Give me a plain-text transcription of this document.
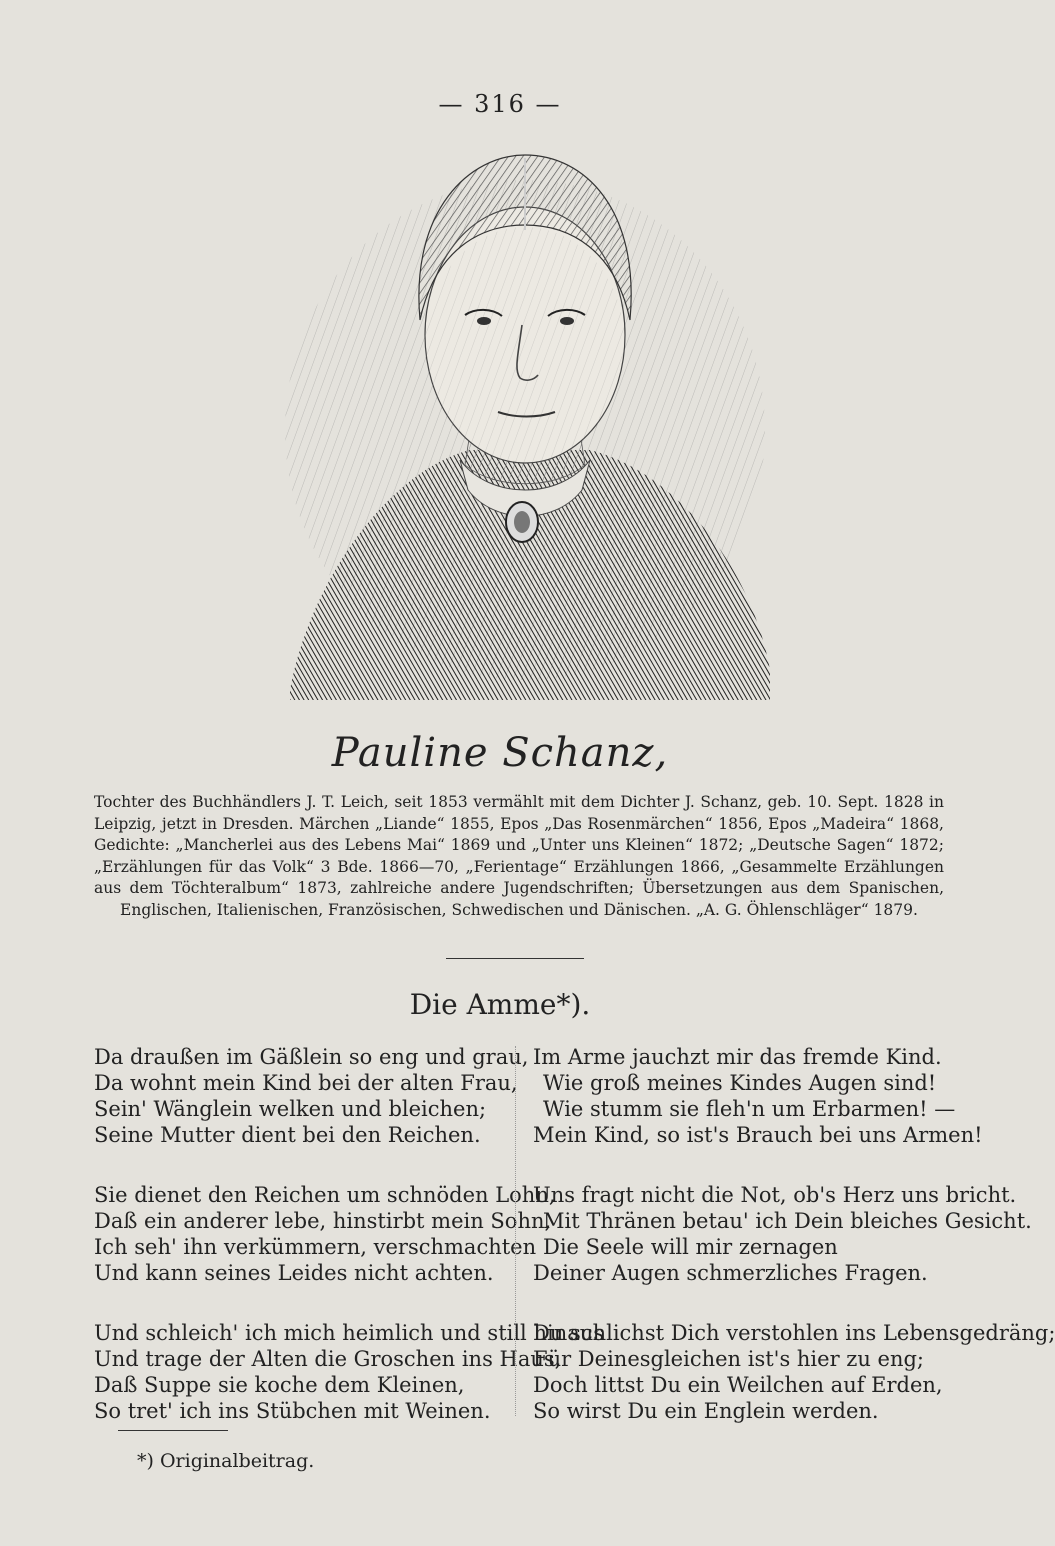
— 316 —
Pauline Schanz,

Tochter des Buchhändlers J. T. Leich, seit 1853 vermählt mit dem Dichter J. Schanz, geb. 10. Sept. 1828 in Leipzig, jetzt in Dresden. Märchen „Liande“ 1855, Epos „Das Rosenmärchen“ 1856, Epos „Madeira“ 1868, Gedichte: „Mancherlei aus des Lebens Mai“ 1869 und „Unter uns Kleinen“ 1872; „Deutsche Sagen“ 1872; „Erzählungen für das Volk“ 3 Bde. 1866—70, „Ferientage“ Erzählungen 1866, „Gesammelte Erzählungen aus dem Töchteralbum“ 1873, zahlreiche andere Jugendschriften; Übersetzungen aus dem Spanischen, Englischen, Italienischen, Französischen, Schwedischen und Dänischen. „A. G. Öhlenschläger“ 1879.

Die Amme*).
Da draußen im Gäßlein so eng und grau,
Da wohnt mein Kind bei der alten Frau,
Sein' Wänglein welken und bleichen;
Seine Mutter dient bei den Reichen.
Sie dienet den Reichen um schnöden Lohn,
Daß ein anderer lebe, hinstirbt mein Sohn,
Ich seh' ihn verkümmern, verschmachten
Und kann seines Leides nicht achten.
Und schleich' ich mich heimlich und still hinaus
Und trage der Alten die Groschen ins Haus,
Daß Suppe sie koche dem Kleinen,
So tret' ich ins Stübchen mit Weinen.
Im Arme jauchzt mir das fremde Kind.
Wie groß meines Kindes Augen sind!
Wie stumm sie fleh'n um Erbarmen! —
Mein Kind, so ist's Brauch bei uns Armen!
Uns fragt nicht die Not, ob's Herz uns bricht.
Mit Thränen betau' ich Dein bleiches Gesicht.
Die Seele will mir zernagen
Deiner Augen schmerzliches Fragen.
Du schlichst Dich verstohlen ins Lebensgedräng;
Für Deinesgleichen ist's hier zu eng;
Doch littst Du ein Weilchen auf Erden,
So wirst Du ein Englein werden.
*) Originalbeitrag.
